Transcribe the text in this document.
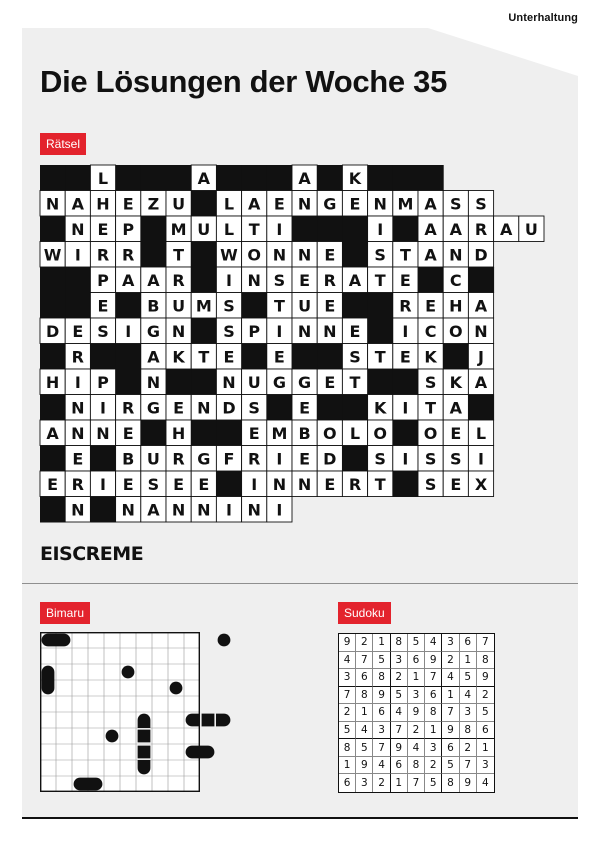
Unterhaltung
Die Lösungen der Woche 35
Rätsel
L	A	A K
N A H E Z U L A E N G E N M A S S
N E P M U L T I	I	A A R A U
W I R R T W O N N E S T A N D
P A A R	I N S E R A T E C
E B U M S T U E	R E H A
D E S I G N S P I N N E	I C O N
R	A K T E E	S T E K	J
H I P N	N U G G E T	S K A
N I R G E N D S E	K I T A
A N N E H	E M B O L O O E L
E B U R G F R I E D S I S S I
E R I E S E E	I N N E R T S E X
N N A N N I N I
EISCREME
Bimaru	Sudoku
9	2	1	8	5	4	3	6	7
4	7	5	3	6	9	2	1	8
3	6	8	2	1	7	4	5	9
7	8	9	5	3	6	1	4	2
2	1	6	4	9	8	7	3	5
5	4	3	7	2	1	9	8	6
8	5	7	9	4	3	6	2	1
1	9	4	6	8	2	5	7	3
6	3	2	1	7	5	8	9	4
